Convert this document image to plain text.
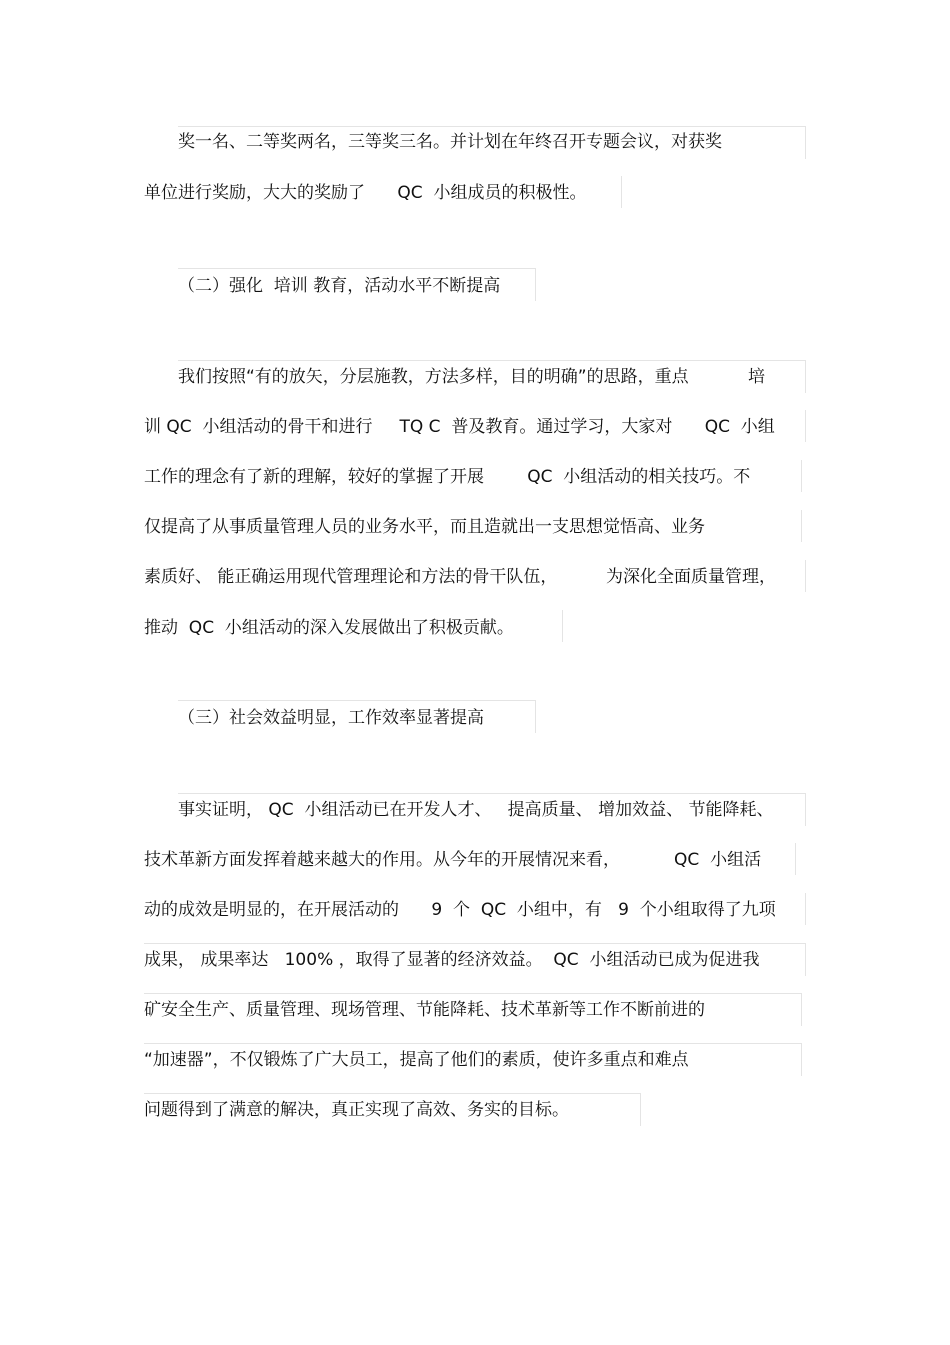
奖一名、二等奖两名，三等奖三名。并计划在年终召开专题会议，对获奖
单位进行奖励，大大的奖励了      QC  小组成员的积极性。
（二）强化  培训 教育，活动水平不断提高
我们按照“有的放矢，分层施教，方法多样，目的明确”的思路，重点           培
训 QC  小组活动的骨干和进行     TQ C  普及教育。通过学习，大家对      QC  小组
工作的理念有了新的理解，较好的掌握了开展        QC  小组活动的相关技巧。不
仅提高了从事质量管理人员的业务水平，而且造就出一支思想觉悟高、业务
素质好、 能正确运用现代管理理论和方法的骨干队伍，         为深化全面质量管理，
推动  QC  小组活动的深入发展做出了积极贡献。
（三）社会效益明显，工作效率显著提高
事实证明， QC  小组活动已在开发人才、   提高质量、 增加效益、 节能降耗、
技术革新方面发挥着越来越大的作用。从今年的开展情况来看，          QC  小组活
动的成效是明显的，在开展活动的      9  个  QC  小组中，有   9  个小组取得了九项
成果， 成果率达   100% ，取得了显著的经济效益。  QC  小组活动已成为促进我
矿安全生产、质量管理、现场管理、节能降耗、技术革新等工作不断前进的
“加速器”，不仅锻炼了广大员工，提高了他们的素质，使许多重点和难点
问题得到了满意的解决，真正实现了高效、务实的目标。
